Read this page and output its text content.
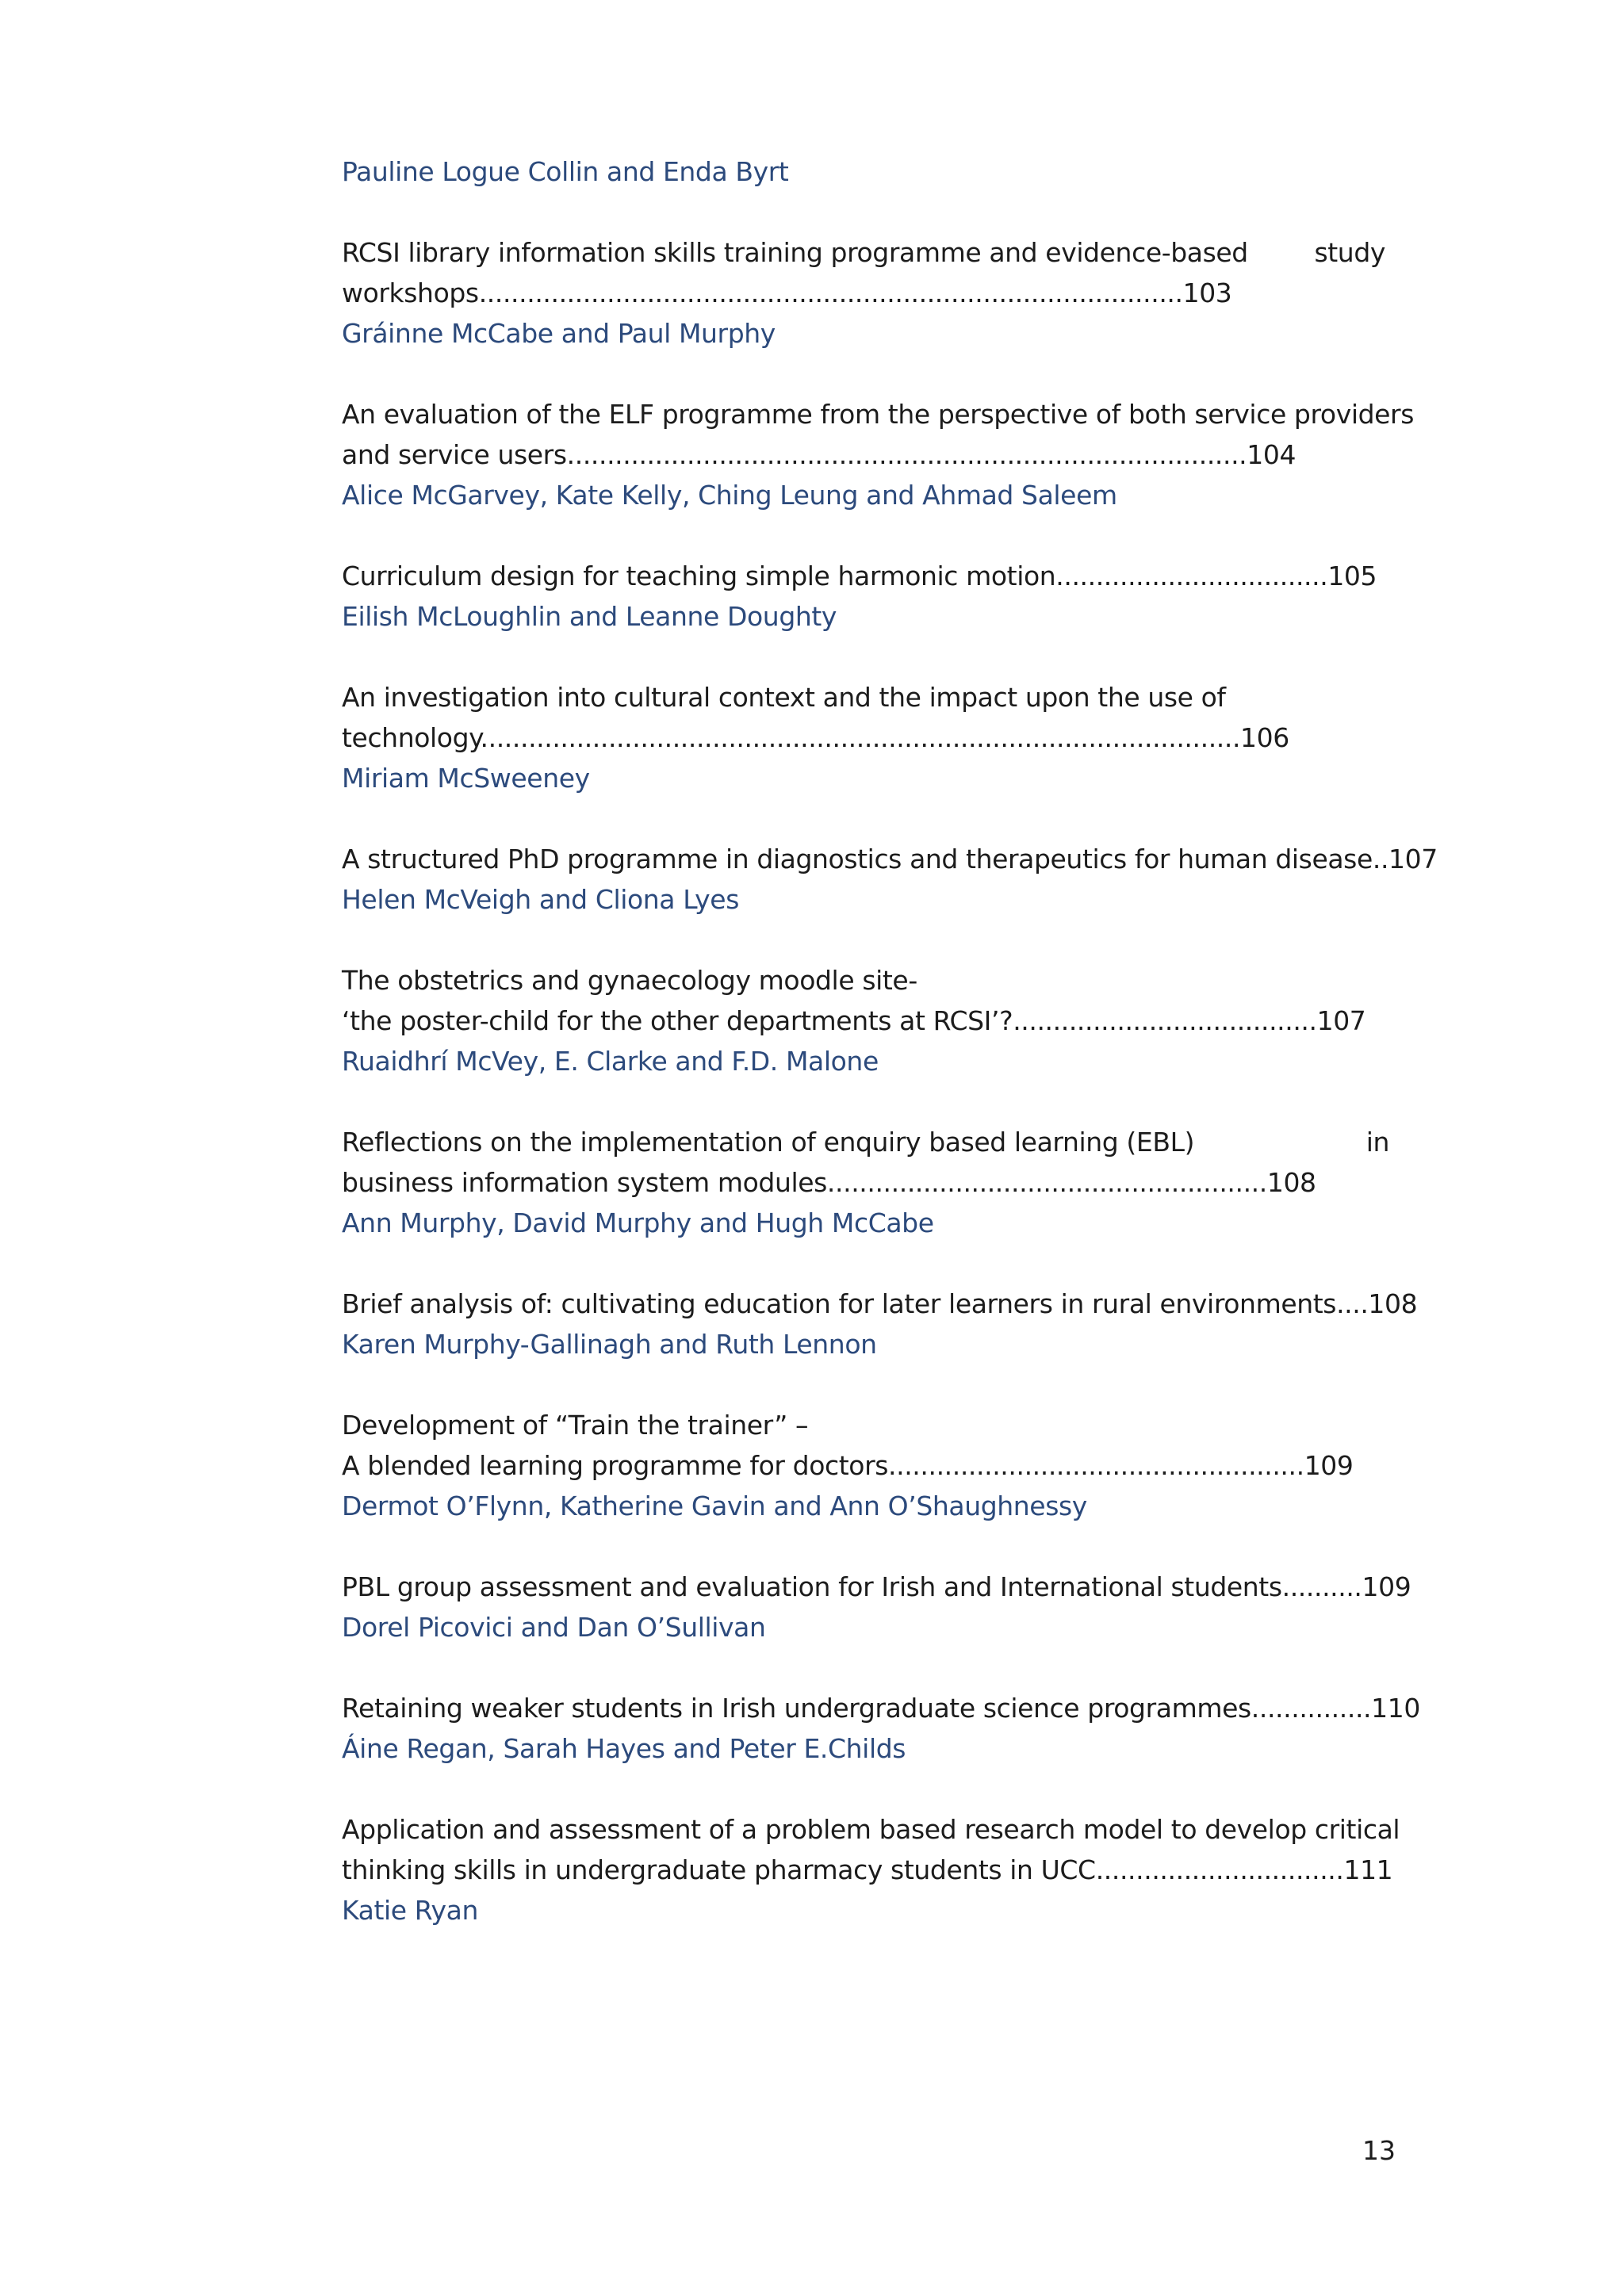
Pauline Logue Collin and Enda Byrt
RCSI library information skills training programme and evidence-based	study
workshops........................................................................................103
Gráinne McCabe and Paul Murphy
An evaluation of the ELF programme from the perspective of both service providers
and service users.....................................................................................104
Alice McGarvey, Kate Kelly, Ching Leung and Ahmad Saleem
Curriculum design for teaching simple harmonic motion..................................105
Eilish McLoughlin and Leanne Doughty
An investigation into cultural context and the impact upon the use of
technology...............................................................................................106
Miriam McSweeney
A structured PhD programme in diagnostics and therapeutics for human disease..107
Helen McVeigh and Cliona Lyes
The obstetrics and gynaecology moodle site-
‘the poster-child for the other departments at RCSI’?......................................107
Ruaidhrí McVey, E. Clarke and F.D. Malone
Reflections on the implementation of enquiry based learning (EBL)	in
business information system modules.......................................................108
Ann Murphy, David Murphy and Hugh McCabe
Brief analysis of: cultivating education for later learners in rural environments....108
Karen Murphy-Gallinagh and Ruth Lennon
Development of “Train the trainer” –
A blended learning programme for doctors....................................................109
Dermot O’Flynn, Katherine Gavin and Ann O’Shaughnessy
PBL group assessment and evaluation for Irish and International students..........109
Dorel Picovici and Dan O’Sullivan
Retaining weaker students in Irish undergraduate science programmes...............110
Áine Regan, Sarah Hayes and Peter E.Childs
Application and assessment of a problem based research model to develop critical
thinking skills in undergraduate pharmacy students in UCC...............................111
Katie Ryan
13
